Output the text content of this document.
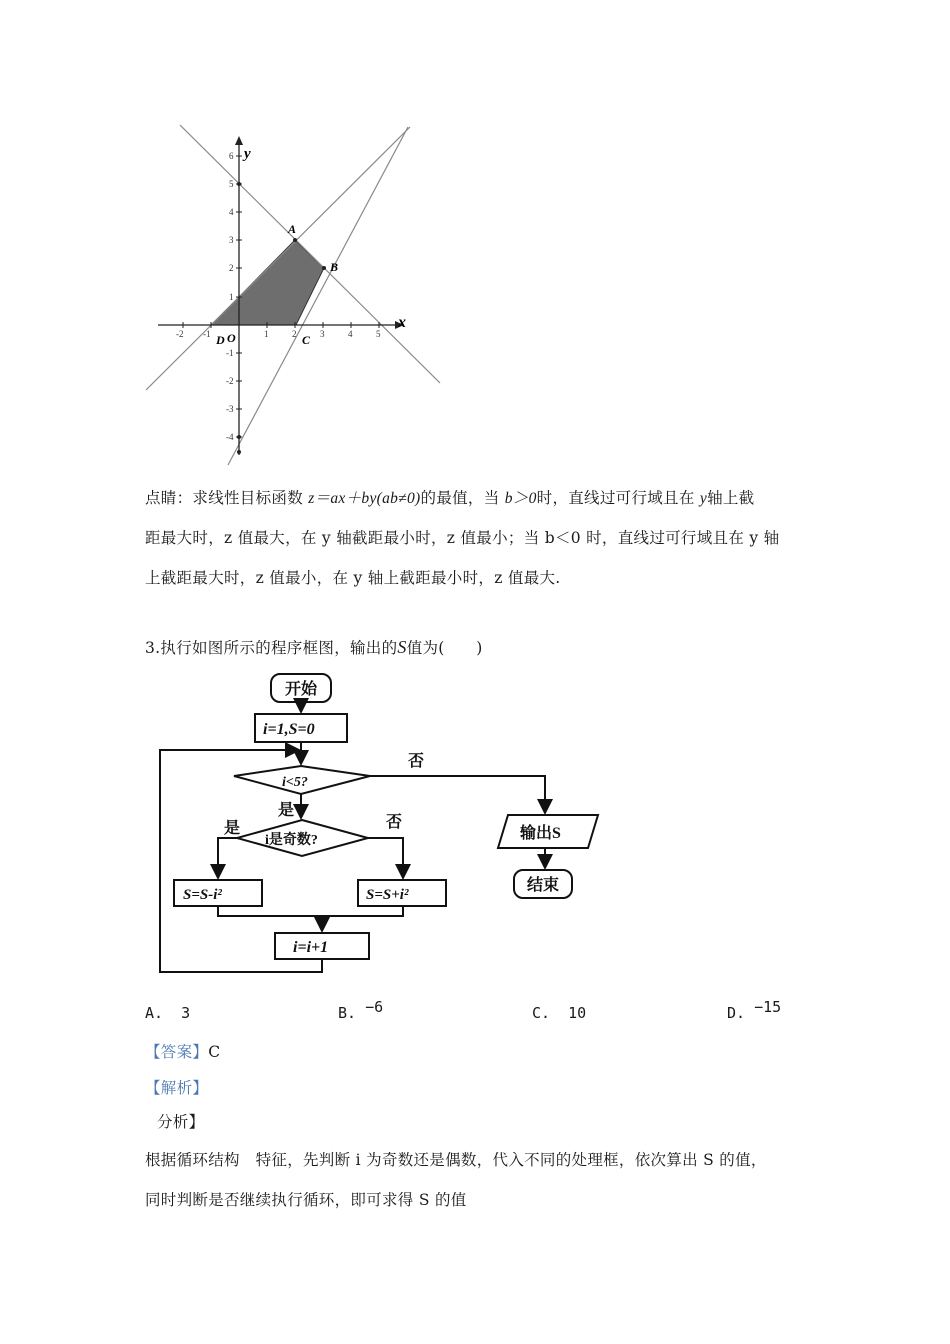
-2 -1	1	2	3	4	5
6
5
4
3
2
1
-1
-2
-3
-4
x
y
A
B
C
D O
点睛：求线性目标函数 z＝ax＋by(ab≠0)的最值，当 b＞0时，直线过可行域且在 y轴上截
距最大时，z 值最大，在 y 轴截距最小时，z 值最小；当 b＜0 时，直线过可行域且在 y 轴
上截距最大时，z 值最小，在 y 轴上截距最小时，z 值最大.
3.执行如图所示的程序框图，输出的S值为(　　)
开始
i=1,S=0
i<5?
否
是
i是奇数?
是	否
S=S-i²	S=S+i²
i=i+1
输出S
结束
A. 3	B. −6	C. 10	D. −15
【答案】C
【解析】
分析】
根据循环结构　特征，先判断 i 为奇数还是偶数，代入不同的处理框，依次算出 S 的值，
同时判断是否继续执行循环，即可求得 S 的值
